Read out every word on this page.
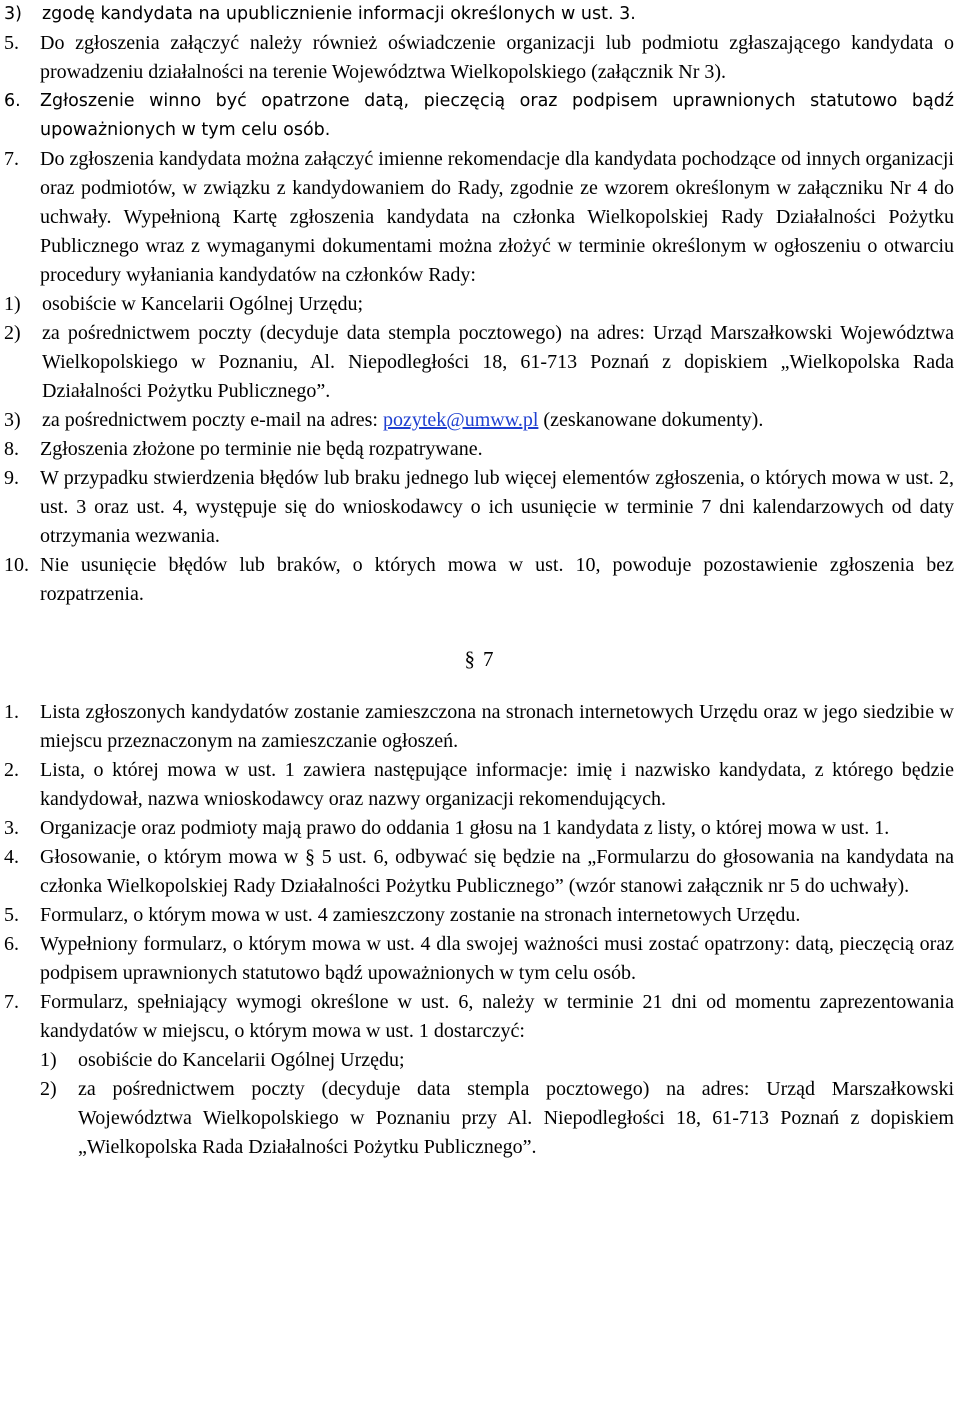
3)	zgodę kandydata na upublicznienie informacji określonych w ust. 3.
5.	Do zgłoszenia załączyć należy również oświadczenie organizacji lub podmiotu zgłaszającego kandydata o prowadzeniu działalności na terenie Województwa Wielkopolskiego (załącznik Nr 3).
6.	Zgłoszenie winno być opatrzone datą, pieczęcią oraz podpisem uprawnionych statutowo bądź upoważnionych w tym celu osób.
7.	Do zgłoszenia kandydata można załączyć imienne rekomendacje dla kandydata pochodzące od innych organizacji oraz podmiotów, w związku z kandydowaniem do Rady, zgodnie ze wzorem określonym w załączniku Nr 4 do uchwały. Wypełnioną Kartę zgłoszenia kandydata na członka Wielkopolskiej Rady Działalności Pożytku Publicznego wraz z wymaganymi dokumentami można złożyć w terminie określonym w ogłoszeniu o otwarciu procedury wyłaniania kandydatów na członków Rady:
1)	osobiście w Kancelarii Ogólnej Urzędu;
2)	za pośrednictwem poczty (decyduje data stempla pocztowego) na adres: Urząd Marszałkowski Województwa Wielkopolskiego w Poznaniu, Al. Niepodległości 18, 61-713 Poznań z dopiskiem „Wielkopolska Rada Działalności Pożytku Publicznego”.
3)	za pośrednictwem poczty e-mail na adres: pozytek@umww.pl (zeskanowane dokumenty).
8.	Zgłoszenia złożone po terminie nie będą rozpatrywane.
9.	W przypadku stwierdzenia błędów lub braku jednego lub więcej elementów zgłoszenia, o których mowa w ust. 2, ust. 3 oraz ust. 4, występuje się do wnioskodawcy o ich usunięcie w terminie 7 dni kalendarzowych od daty otrzymania wezwania.
10. Nie usunięcie błędów lub braków, o których mowa w ust. 10, powoduje pozostawienie zgłoszenia bez rozpatrzenia.
§ 7
1.	Lista zgłoszonych kandydatów zostanie zamieszczona na stronach internetowych Urzędu oraz w jego siedzibie w miejscu przeznaczonym na zamieszczanie ogłoszeń.
2.	Lista, o której mowa w ust. 1 zawiera następujące informacje: imię i nazwisko kandydata, z którego będzie kandydował, nazwa wnioskodawcy oraz nazwy organizacji rekomendujących.
3.	Organizacje oraz podmioty mają prawo do oddania 1 głosu na 1 kandydata z listy, o której mowa w ust. 1.
4.	Głosowanie, o którym mowa w § 5 ust. 6, odbywać się będzie na „Formularzu do głosowania na kandydata na członka Wielkopolskiej Rady Działalności Pożytku Publicznego” (wzór stanowi załącznik nr 5 do uchwały).
5.	Formularz, o którym mowa w ust. 4 zamieszczony zostanie na stronach internetowych Urzędu.
6.	Wypełniony formularz, o którym mowa w ust. 4 dla swojej ważności musi zostać opatrzony: datą, pieczęcią oraz podpisem uprawnionych statutowo bądź upoważnionych w tym celu osób.
7.	Formularz, spełniający wymogi określone w ust. 6, należy w terminie 21 dni od momentu zaprezentowania kandydatów w miejscu, o którym mowa w ust. 1 dostarczyć:
1)	osobiście do Kancelarii Ogólnej Urzędu;
2)	za pośrednictwem poczty (decyduje data stempla pocztowego) na adres: Urząd Marszałkowski Województwa Wielkopolskiego w Poznaniu przy Al. Niepodległości 18, 61-713 Poznań z dopiskiem „Wielkopolska Rada Działalności Pożytku Publicznego”.
